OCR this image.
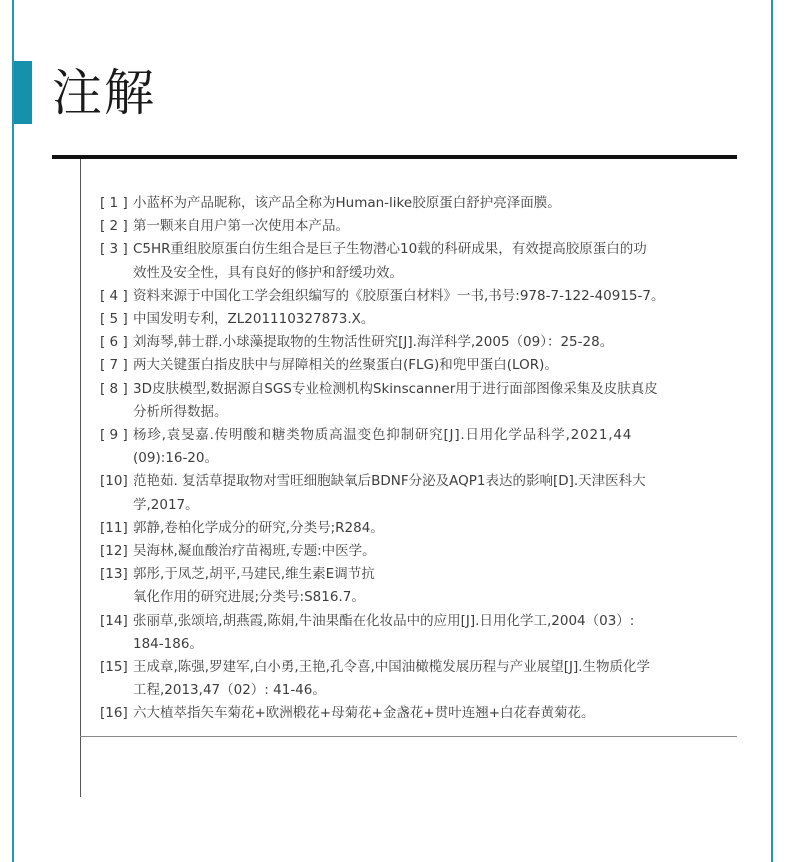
注解
[ 1 ] 小蓝杯为产品昵称，该产品全称为Human-like胶原蛋白舒护亮泽面膜。
[ 2 ] 第一颗来自用户第一次使用本产品。
[ 3 ] C5HR重组胶原蛋白仿生组合是巨子生物潜心10载的科研成果，有效提高胶原蛋白的功
效性及安全性，具有良好的修护和舒缓功效。
[ 4 ] 资料来源于中国化工学会组织编写的《胶原蛋白材料》一书,书号:978-7-122-40915-7。
[ 5 ] 中国发明专利，ZL201110327873.X。
[ 6 ] 刘海琴,韩士群.小球藻提取物的生物活性研究[J].海洋科学,2005（09）：25-28。
[ 7 ] 两大关键蛋白指皮肤中与屏障相关的丝聚蛋白(FLG)和兜甲蛋白(LOR)。
[ 8 ] 3D皮肤模型,数据源自SGS专业检测机构Skinscanner用于进行面部图像采集及皮肤真皮
分析所得数据。
[ 9 ] 杨珍,袁旻嘉.传明酸和糖类物质高温变色抑制研究[J].日用化学品科学,2021,44
(09):16-20。
[10] 范艳茹. 复活草提取物对雪旺细胞缺氧后BDNF分泌及AQP1表达的影响[D].天津医科大
学,2017。
[11] 郭静,卷柏化学成分的研究,分类号;R284。
[12] 吴海林,凝血酸治疗苗褐班,专题:中医学。
[13] 郭彤,于凤芝,胡平,马建民,维生素E调节抗
氧化作用的研究进展;分类号:S816.7。
[14] 张丽草,张颂培,胡燕霞,陈娟,牛油果酯在化妆品中的应用[J].日用化学工,2004（03）:
184-186。
[15] 王成章,陈强,罗建军,白小勇,王艳,孔令喜,中国油橄榄发展历程与产业展望[J].生物质化学
工程,2013,47（02）: 41-46。
[16] 六大植萃指矢车菊花+欧洲椴花+母菊花+金盏花+贯叶连翘+白花春黄菊花。
